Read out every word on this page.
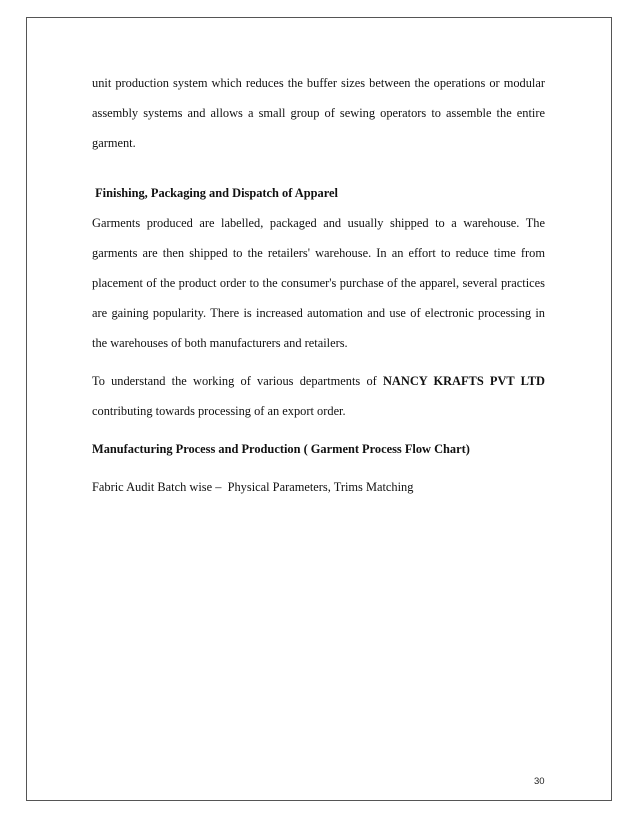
unit production system which reduces the buffer sizes between the operations or modular assembly systems and allows a small group of sewing operators to assemble the entire garment.

Finishing, Packaging and Dispatch of Apparel

Garments produced are labelled, packaged and usually shipped to a warehouse. The garments are then shipped to the retailers' warehouse. In an effort to reduce time from placement of the product order to the consumer's purchase of the apparel, several practices are gaining popularity. There is increased automation and use of electronic processing in the warehouses of both manufacturers and retailers.

To understand the working of various departments of NANCY KRAFTS PVT LTD contributing towards processing of an export order.

Manufacturing Process and Production ( Garment Process Flow Chart)

Fabric Audit Batch wise –  Physical Parameters, Trims Matching

30
